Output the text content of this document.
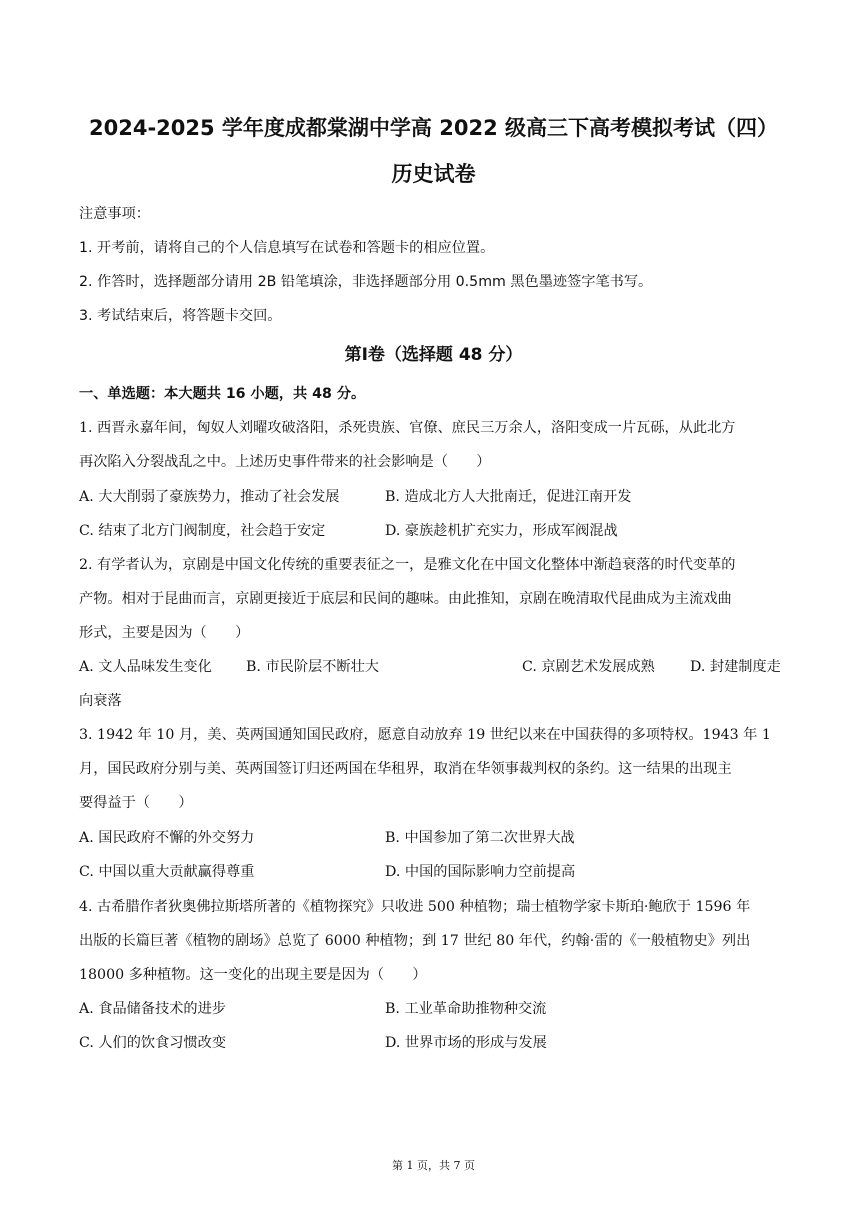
2024-2025 学年度成都棠湖中学高 2022 级高三下高考模拟考试（四）
历史试卷
注意事项：
1. 开考前，请将自己的个人信息填写在试卷和答题卡的相应位置。
2. 作答时，选择题部分请用 2B 铅笔填涂，非选择题部分用 0.5mm 黑色墨迹签字笔书写。
3. 考试结束后，将答题卡交回。
第Ⅰ卷（选择题 48 分）
一、单选题：本大题共 16 小题，共 48 分。
1. 西晋永嘉年间，匈奴人刘曜攻破洛阳，杀死贵族、官僚、庶民三万余人，洛阳变成一片瓦砾，从此北方
再次陷入分裂战乱之中。上述历史事件带来的社会影响是（　　）
A. 大大削弱了豪族势力，推动了社会发展	B. 造成北方人大批南迁，促进江南开发
C. 结束了北方门阀制度，社会趋于安定	D. 豪族趁机扩充实力，形成军阀混战
2. 有学者认为，京剧是中国文化传统的重要表征之一，是雅文化在中国文化整体中渐趋衰落的时代变革的
产物。相对于昆曲而言，京剧更接近于底层和民间的趣味。由此推知，京剧在晚清取代昆曲成为主流戏曲
形式，主要是因为（　　）
A. 文人品味发生变化 B. 市民阶层不断壮大	C. 京剧艺术发展成熟 D. 封建制度走
向衰落
3. 1942 年 10 月，美、英两国通知国民政府，愿意自动放弃 19 世纪以来在中国获得的多项特权。1943 年 1
月，国民政府分别与美、英两国签订归还两国在华租界，取消在华领事裁判权的条约。这一结果的出现主
要得益于（　　）
A. 国民政府不懈的外交努力	B. 中国参加了第二次世界大战
C. 中国以重大贡献赢得尊重	D. 中国的国际影响力空前提高
4. 古希腊作者狄奥佛拉斯塔所著的《植物探究》只收进 500 种植物；瑞士植物学家卡斯珀·鲍欣于 1596 年
出版的长篇巨著《植物的剧场》总览了 6000 种植物；到 17 世纪 80 年代，约翰·雷的《一般植物史》列出
18000 多种植物。这一变化的出现主要是因为（　　）
A. 食品储备技术的进步	B. 工业革命助推物种交流
C. 人们的饮食习惯改变	D. 世界市场的形成与发展
第 1 页，共 7 页
